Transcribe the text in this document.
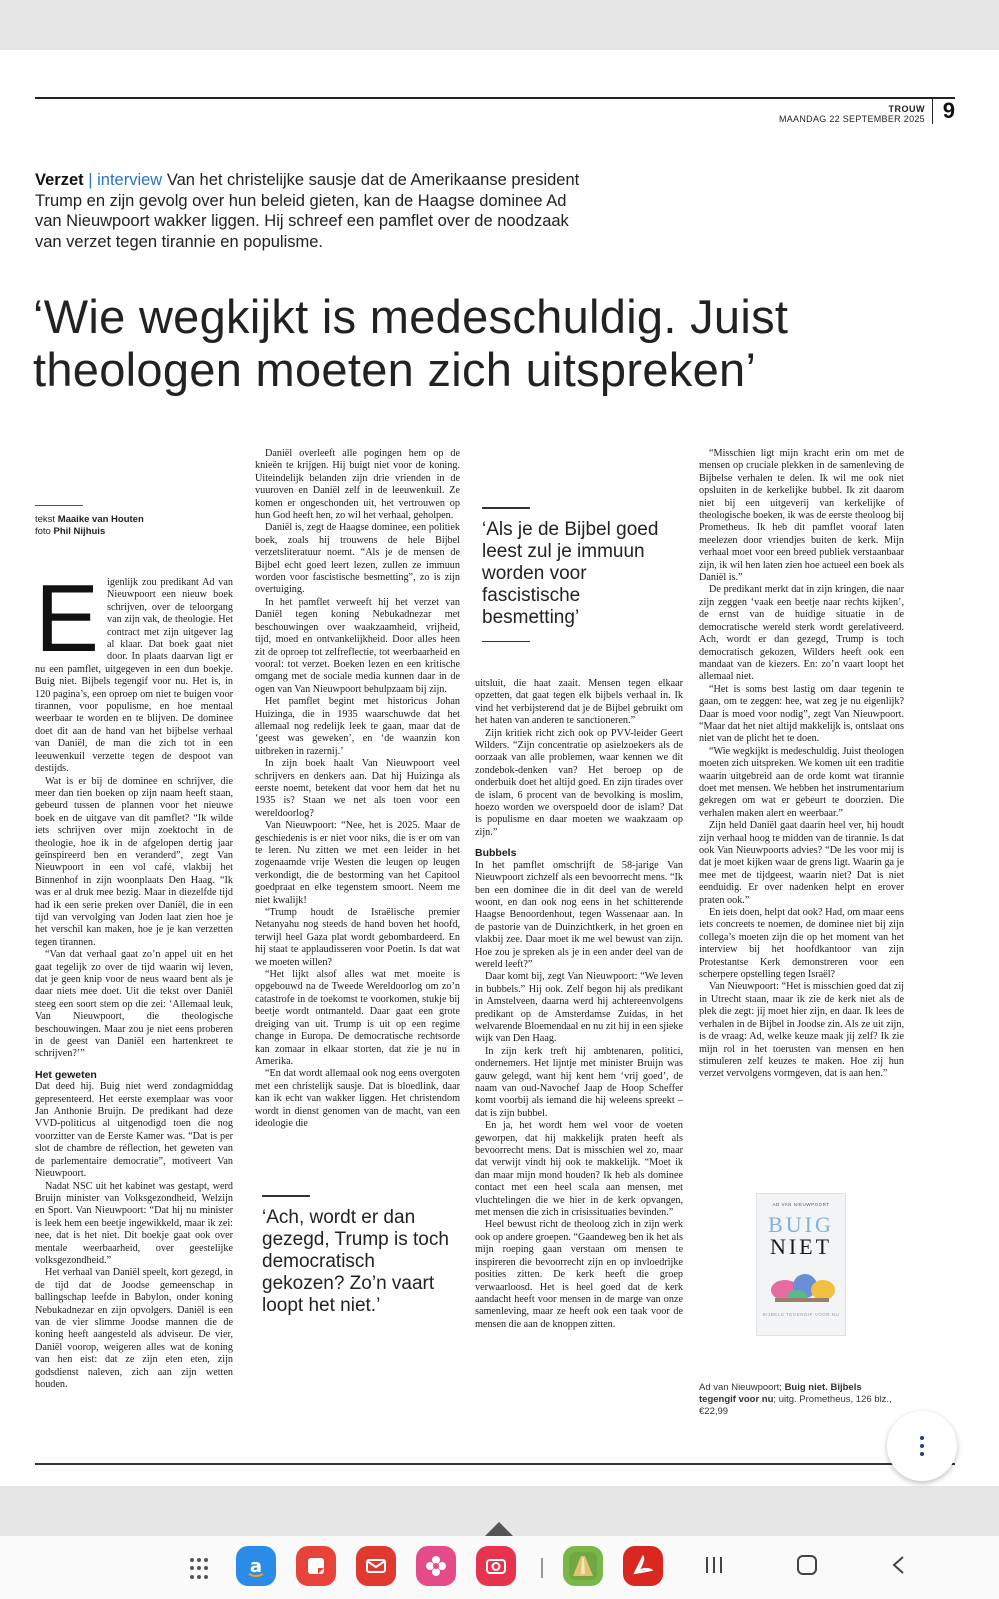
TROUW
MAANDAG 22 SEPTEMBER 2025 9
Verzet | interview Van het christelijke sausje dat de Amerikaanse president Trump en zijn gevolg over hun beleid gieten, kan de Haagse dominee Ad van Nieuwpoort wakker liggen. Hij schreef een pamflet over de noodzaak van verzet tegen tirannie en populisme.
‘Wie wegkijkt is medeschuldig. Juist
theologen moeten zich uitspreken’
tekst Maaike van Houten
foto Phil Nijhuis
E igenlijk zou predikant Ad van Nieuwpoort een nieuw boek schrijven, over de teloorgang van zijn vak, de theologie. Het contract met zijn uitgever lag al klaar. Dat boek gaat niet door. In plaats daarvan ligt er nu een pamflet, uitgegeven in een dun boekje. Buig niet. Bijbels tegengif voor nu. Het is, in 120 pagina’s, een oproep om niet te buigen voor tirannen, voor populisme, en hoe mentaal weerbaar te worden en te blijven. De dominee doet dit aan de hand van het bijbelse verhaal van Daniël, de man die zich tot in een leeuwenkuil verzette tegen de despoot van destijds.

Wat is er bij de dominee en schrijver, die meer dan tien boeken op zijn naam heeft staan, gebeurd tussen de plannen voor het nieuwe boek en de uitgave van dit pamflet? “Ik wilde iets schrijven over mijn zoektocht in de theologie, hoe ik in de afgelopen dertig jaar geïnspireerd ben en veranderd”, zegt Van Nieuwpoort in een vol café, vlakbij het Binnenhof in zijn woonplaats Den Haag. “Ik was er al druk mee bezig. Maar in diezelfde tijd had ik een serie preken over Daniël, die in een tijd van vervolging van Joden laat zien hoe je het verschil kan maken, hoe je je kan verzetten tegen tirannen.

“Van dat verhaal gaat zo’n appel uit en het gaat tegelijk zo over de tijd waarin wij leven, dat je geen knip voor de neus waard bent als je daar niets mee doet. Uit die tekst over Daniël steeg een soort stem op die zei: ‘Allemaal leuk, Van Nieuwpoort, die theologische beschouwingen. Maar zou je niet eens proberen in de geest van Daniël een hartenkreet te schrijven?’”

Het geweten

Dat deed hij. Buig niet werd zondagmiddag gepresenteerd. Het eerste exemplaar was voor Jan Anthonie Bruijn. De predikant had deze VVD-politicus al uitgenodigd toen die nog voorzitter van de Eerste Kamer was. “Dat is per slot de chambre de réflection, het geweten van de parlementaire democratie”, motiveert Van Nieuwpoort.

Nadat NSC uit het kabinet was gestapt, werd Bruijn minister van Volksgezondheid, Welzijn en Sport. Van Nieuwpoort: “Dat hij nu minister is leek hem een beetje ingewikkeld, maar ik zei: nee, dat is het niet. Dit boekje gaat ook over mentale weerbaarheid, over geestelijke volksgezondheid.”

Het verhaal van Daniël speelt, kort gezegd, in de tijd dat de Joodse gemeenschap in ballingschap leefde in Babylon, onder koning Nebukadnezar en zijn opvolgers. Daniël is een van de vier slimme Joodse mannen die de koning heeft aangesteld als adviseur. De vier, Daniël voorop, weigeren alles wat de koning van hen eist: dat ze zijn eten eten, zijn godsdienst naleven, zich aan zijn wetten houden.

Daniël overleeft alle pogingen hem op de knieën te krijgen. Hij buigt niet voor de koning. Uiteindelijk belanden zijn drie vrienden in de vuuroven en Daniël zelf in de leeuwenkuil. Ze komen er ongeschonden uit, het vertrouwen op hun God heeft hen, zo wil het verhaal, geholpen.

Daniël is, zegt de Haagse dominee, een politiek boek, zoals hij trouwens de hele Bijbel verzetsliteratuur noemt. “Als je de mensen de Bijbel echt goed leert lezen, zullen ze immuun worden voor fascistische besmetting”, zo is zijn overtuiging.

In het pamflet verweeft hij het verzet van Daniël tegen koning Nebukadnezar met beschouwingen over waakzaamheid, vrijheid, tijd, moed en ontvankelijkheid. Door alles heen zit de oproep tot zelfreflectie, tot weerbaarheid en vooral: tot verzet. Boeken lezen en een kritische omgang met de sociale media kunnen daar in de ogen van Van Nieuwpoort behulpzaam bij zijn.

Het pamflet begint met historicus Johan Huizinga, die in 1935 waarschuwde dat het allemaal nog redelijk leek te gaan, maar dat de ‘geest was geweken’, en ‘de waanzin kon uitbreken in razernij.’

In zijn boek haalt Van Nieuwpoort veel schrijvers en denkers aan. Dat hij Huizinga als eerste noemt, betekent dat voor hem dat het nu 1935 is? Staan we net als toen voor een wereldoorlog?

Van Nieuwpoort: “Nee, het is 2025. Maar de geschiedenis is er niet voor niks, die is er om van te leren. Nu zitten we met een leider in het zogenaamde vrije Westen die leugen op leugen verkondigt, die de bestorming van het Capitool goedpraat en elke tegenstem smoort. Neem me niet kwalijk!

“Trump houdt de Israëlische premier Netanyahu nog steeds de hand boven het hoofd, terwijl heel Gaza plat wordt gebombardeerd. En hij staat te applaudisseren voor Poetin. Is dat wat we moeten willen?

“Het lijkt alsof alles wat met moeite is opgebouwd na de Tweede Wereldoorlog om zo’n catastrofe in de toekomst te voorkomen, stukje bij beetje wordt ontmanteld. Daar gaat een grote dreiging van uit. Trump is uit op een regime change in Europa. De democratische rechtsorde kan zomaar in elkaar storten, dat zie je nu in Amerika.

“En dat wordt allemaal ook nog eens overgoten met een christelijk sausje. Dat is bloedlink, daar kan ik echt van wakker liggen. Het christendom wordt in dienst genomen van de macht, van een ideologie die

‘Ach, wordt er dan gezegd, Trump is toch democratisch gekozen? Zo’n vaart loopt het niet.’
‘Als je de Bijbel goed leest zul je immuun worden voor fascistische besmetting’

uitsluit, die haat zaait. Mensen tegen elkaar opzetten, dat gaat tegen elk bijbels verhaal in. Ik vind het verbijsterend dat je de Bijbel gebruikt om het haten van anderen te sanctioneren.”

Zijn kritiek richt zich ook op PVV-leider Geert Wilders. “Zijn concentratie op asielzoekers als de oorzaak van alle problemen, waar kennen we dit zondebok-denken van? Het beroep op de onderbuik doet het altijd goed. En zijn tirades over de islam, 6 procent van de bevolking is moslim, hoezo worden we overspoeld door de islam? Dat is populisme en daar moeten we waakzaam op zijn.”

Bubbels

In het pamflet omschrijft de 58-jarige Van Nieuwpoort zichzelf als een bevoorrecht mens. “Ik ben een dominee die in dit deel van de wereld woont, en dan ook nog eens in het schitterende Haagse Benoordenhout, tegen Wassenaar aan. In de pastorie van de Duinzichtkerk, in het groen en vlakbij zee. Daar moet ik me wel bewust van zijn. Hoe zou je spreken als je in een ander deel van de wereld leeft?”

Daar komt bij, zegt Van Nieuwpoort: “We leven in bubbels.” Hij ook. Zelf begon hij als predikant in Amstelveen, daarna werd hij achtereenvolgens predikant op de Amsterdamse Zuidas, in het welvarende Bloemendaal en nu zit hij in een sjieke wijk van Den Haag.

In zijn kerk treft hij ambtenaren, politici, ondernemers. Het lijntje met minister Bruijn was gauw gelegd, want hij kent hem ‘vrij goed’, de naam van oud-Navochef Jaap de Hoop Scheffer komt voorbij als iemand die hij weleens spreekt – dat is zijn bubbel.

En ja, het wordt hem wel voor de voeten geworpen, dat hij makkelijk praten heeft als bevoorrecht mens. Dat is misschien wel zo, maar dat verwijt vindt hij ook te makkelijk. “Moet ik dan maar mijn mond houden? Ik heb als dominee contact met een heel scala aan mensen, met vluchtelingen die we hier in de kerk opvangen, met mensen die zich in crisissituaties bevinden.”

Heel bewust richt de theoloog zich in zijn werk ook op andere groepen. “Gaandeweg ben ik het als mijn roeping gaan verstaan om mensen te inspireren die bevoorrecht zijn en op invloedrijke posities zitten. De kerk heeft die groep verwaarloosd. Het is heel goed dat de kerk aandacht heeft voor mensen in de marge van onze samenleving, maar ze heeft ook een taak voor de mensen die aan de knoppen zitten.

“Misschien ligt mijn kracht erin om met de mensen op cruciale plekken in de samenleving de Bijbelse verhalen te delen. Ik wil me ook niet opsluiten in de kerkelijke bubbel. Ik zit daarom niet bij een uitgeverij van kerkelijke of theologische boeken, ik was de eerste theoloog bij Prometheus. Ik heb dit pamflet vooraf laten meelezen door vriendjes buiten de kerk. Mijn verhaal moet voor een breed publiek verstaanbaar zijn, ik wil hen laten zien hoe actueel een boek als Daniël is.”

De predikant merkt dat in zijn kringen, die naar zijn zeggen ‘vaak een beetje naar rechts kijken’, de ernst van de huidige situatie in de democratische wereld sterk wordt gerelativeerd. Ach, wordt er dan gezegd, Trump is toch democratisch gekozen, Wilders heeft ook een mandaat van de kiezers. En: zo’n vaart loopt het allemaal niet.

“Het is soms best lastig om daar tegenin te gaan, om te zeggen: hee, wat zeg je nu eigenlijk? Daar is moed voor nodig”, zegt Van Nieuwpoort. “Maar dat het niet altijd makkelijk is, ontslaat ons niet van de plicht het te doen.

“Wie wegkijkt is medeschuldig. Juist theologen moeten zich uitspreken. We komen uit een traditie waarin uitgebreid aan de orde komt wat tirannie doet met mensen. We hebben het instrumentarium gekregen om wat er gebeurt te doorzien. Die verhalen maken alert en weerbaar.”

Zijn held Daniël gaat daarin heel ver, hij houdt zijn verhaal hoog te midden van de tirannie. Is dat ook Van Nieuwpoorts advies? “De les voor mij is dat je moet kijken waar de grens ligt. Waarin ga je mee met de tijdgeest, waarin niet? Dat is niet eenduidig. Er over nadenken helpt en erover praten ook.”

En iets doen, helpt dat ook? Had, om maar eens iets concreets te noemen, de dominee niet bij zijn collega’s moeten zijn die op het moment van het interview bij het hoofdkantoor van zijn Protestantse Kerk demonstreren voor een scherpere opstelling tegen Israël?

Van Nieuwpoort: “Het is misschien goed dat zij in Utrecht staan, maar ik zie de kerk niet als de plek die zegt: jij moet hier zijn, en daar. Ik lees de verhalen in de Bijbel in Joodse zin. Als ze uit zijn, is de vraag: Ad, welke keuze maak jij zelf? Ik zie mijn rol in het toerusten van mensen en hen stimuleren zelf keuzes te maken. Hoe zij hun verzet vervolgens vormgeven, dat is aan hen.”

AD VAN NIEUWPOORT
BUIG
NIET
BIJBELS TEGENGIF VOOR NU
Ad van Nieuwpoort; Buig niet. Bijbels tegengif voor nu; uitg. Prometheus, 126 blz., €22,99
a
